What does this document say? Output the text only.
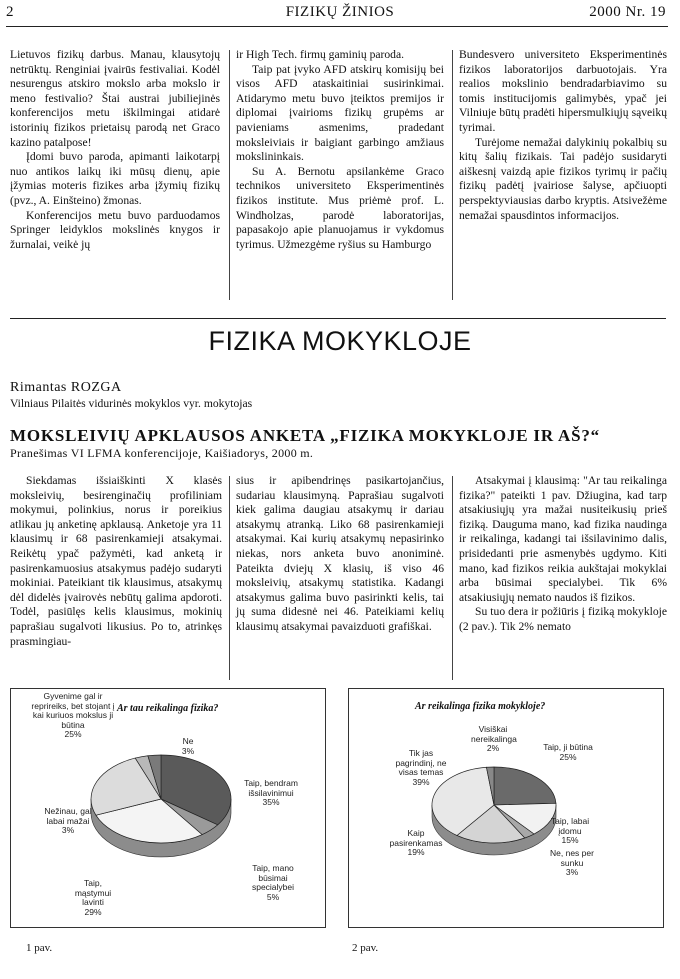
2	FIZIKŲ ŽINIOS	2000 Nr. 19

Lietuvos fizikų darbus. Manau, klausytojų netrūktų. Renginiai įvairūs festivaliai. Kodėl nesurengus atskiro mokslo arba mokslo ir meno festivalio? Štai austrai jubiliejinės konferencijos metu iškilmingai atidarė istorinių fizikos prietaisų parodą net Graco kazino patalpose!

Įdomi buvo paroda, apimanti laikotarpį nuo antikos laikų iki mūsų dienų, apie įžymias moteris fizikes arba įžymių fizikų (pvz., A. Einšteino) žmonas.

Konferencijos metu buvo parduodamos Springer leidyklos mokslinės knygos ir žurnalai, veikė jų

ir High Tech. firmų gaminių paroda.

Taip pat įvyko AFD atskirų komisijų bei visos AFD ataskaitiniai susirinkimai. Atidarymo metu buvo įteiktos premijos ir diplomai įvairioms fizikų grupėms ar pavieniams asmenims, pradedant moksleiviais ir baigiant garbingo amžiaus mokslininkais.

Su A. Bernotu apsilankėme Graco technikos universiteto Eksperimentinės fizikos institute. Mus priėmė prof. L. Windholzas, parodė laboratorijas, papasakojo apie planuojamus ir vykdomus tyrimus. Užmezgėme ryšius su Hamburgo

Bundesvero universiteto Eksperimentinės fizikos laboratorijos darbuotojais. Yra realios mokslinio bendradarbiavimo su tomis institucijomis galimybės, ypač jei Vilniuje būtų pradėti hipersmulkiųjų sąveikų tyrimai.

Turėjome nemažai dalykinių pokalbių su kitų šalių fizikais. Tai padėjo susidaryti aiškesnį vaizdą apie fizikos tyrimų ir pačių fizikų padėtį įvairiose šalyse, apčiuopti perspektyviausias darbo kryptis. Atsivežėme nemažai spausdintos informacijos.

FIZIKA MOKYKLOJE
Rimantas ROZGA
Vilniaus Pilaitės vidurinės mokyklos vyr. mokytojas
MOKSLEIVIŲ APKLAUSOS ANKETA „FIZIKA MOKYKLOJE IR AŠ?“
Pranešimas VI LFMA konferencijoje, Kaišiadorys, 2000 m.

Siekdamas išsiaiškinti X klasės moksleivių, besirenginačių profiliniam mokymui, polinkius, norus ir poreikius atlikau jų anketinę apklausą. Anketoje yra 11 klausimų ir 68 pasirenkamieji atsakymai. Reikėtų ypač pažymėti, kad anketą ir pasirenkamuosius atsakymus padėjo sudaryti mokiniai. Pateikiant tik klausimus, atsakymų dėl didelės įvairovės nebūtų galima apdoroti. Todėl, pasiūlęs kelis klausimus, mokinių paprašiau sugalvoti likusius. Po to, atrinkęs prasmingiau-

sius ir apibendrinęs pasikartojančius, sudariau klausimyną. Paprašiau sugalvoti kiek galima daugiau atsakymų ir dariau atsakymų atranką. Liko 68 pasirenkamieji atsakymai. Kai kurių atsakymų nepasirinko niekas, nors anketa buvo anoniminė. Pateikta dviejų X klasių, iš viso 46 moksleivių, atsakymų statistika. Kadangi atsakymus galima buvo pasirinkti kelis, tai jų suma didesnė nei 46. Pateikiami kelių klausimų atsakymai pavaizduoti grafiškai.

Atsakymai į klausimą: "Ar tau reikalinga fizika?" pateikti 1 pav. Džiugina, kad tarp atsakiusiųjų yra mažai nusiteikusių prieš fiziką. Dauguma mano, kad fizika naudinga ir reikalinga, kadangi tai išsilavinimo dalis, prisidedanti prie asmenybės ugdymo. Kiti mano, kad fizikos reikia aukštajai mokyklai arba būsimai specialybei. Tik 6% atsakiusiųjų nemato naudos iš fizikos.

Su tuo dera ir požiūris į fiziką mokykloje (2 pav.). Tik 2% nemato

Ar tau reikalinga fizika?
Gyvenime gal ir reprireiks, bet stojant į kai kuriuos mokslus ji būtina
25%
Ne
3%
Taip, bendram išsilavinimui
35%
Nežinau, gal labai mažai
3%
Taip, mano būsimai specialybei
5%
Taip, mąstymui lavinti
29%
Ar reikalinga fizika mokykloje?
Visiškai nereikalinga
2%	Taip, ji būtina
25%
Tik jas pagrindinį, ne visas temas
39%
Taip, labai įdomu
15%
Ne, nes per sunku
3%
Kaip pasirenkamas
19%
1 pav.	2 pav.
